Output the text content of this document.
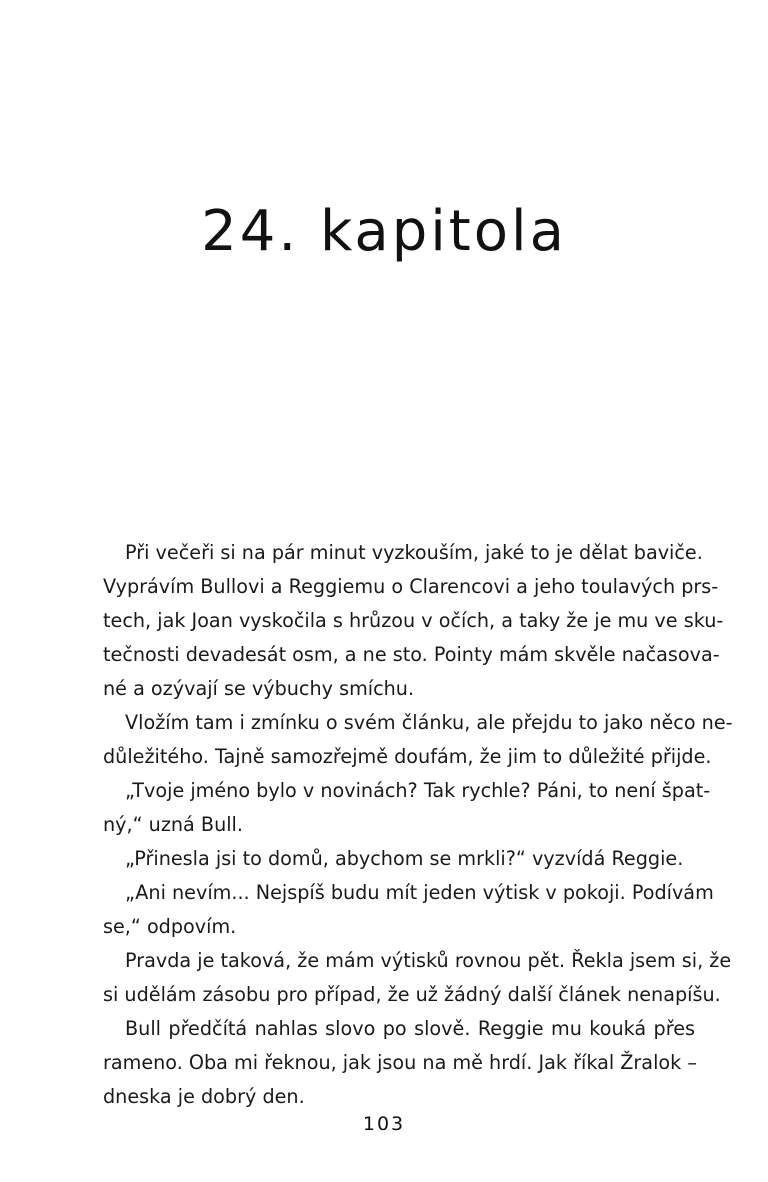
24. kapitola
Při večeři si na pár minut vyzkouším, jaké to je dělat baviče.
Vyprávím Bullovi a Reggiemu o Clarencovi a jeho toulavých prs-
tech, jak Joan vyskočila s hrůzou v očích, a taky že je mu ve sku-
tečnosti devadesát osm, a ne sto. Pointy mám skvěle načasova-
né a ozývají se výbuchy smíchu.
Vložím tam i zmínku o svém článku, ale přejdu to jako něco ne-
důležitého. Tajně samozřejmě doufám, že jim to důležité přijde.
„Tvoje jméno bylo v novinách? Tak rychle? Páni, to není špat-
ný,“ uzná Bull.
„Přinesla jsi to domů, abychom se mrkli?“ vyzvídá Reggie.
„Ani nevím... Nejspíš budu mít jeden výtisk v pokoji. Podívám
se,“ odpovím.
Pravda je taková, že mám výtisků rovnou pět. Řekla jsem si, že
si udělám zásobu pro případ, že už žádný další článek nenapíšu.
Bull předčítá nahlas slovo po slově. Reggie mu kouká přes
rameno. Oba mi řeknou, jak jsou na mě hrdí. Jak říkal Žralok –
dneska je dobrý den.
103
